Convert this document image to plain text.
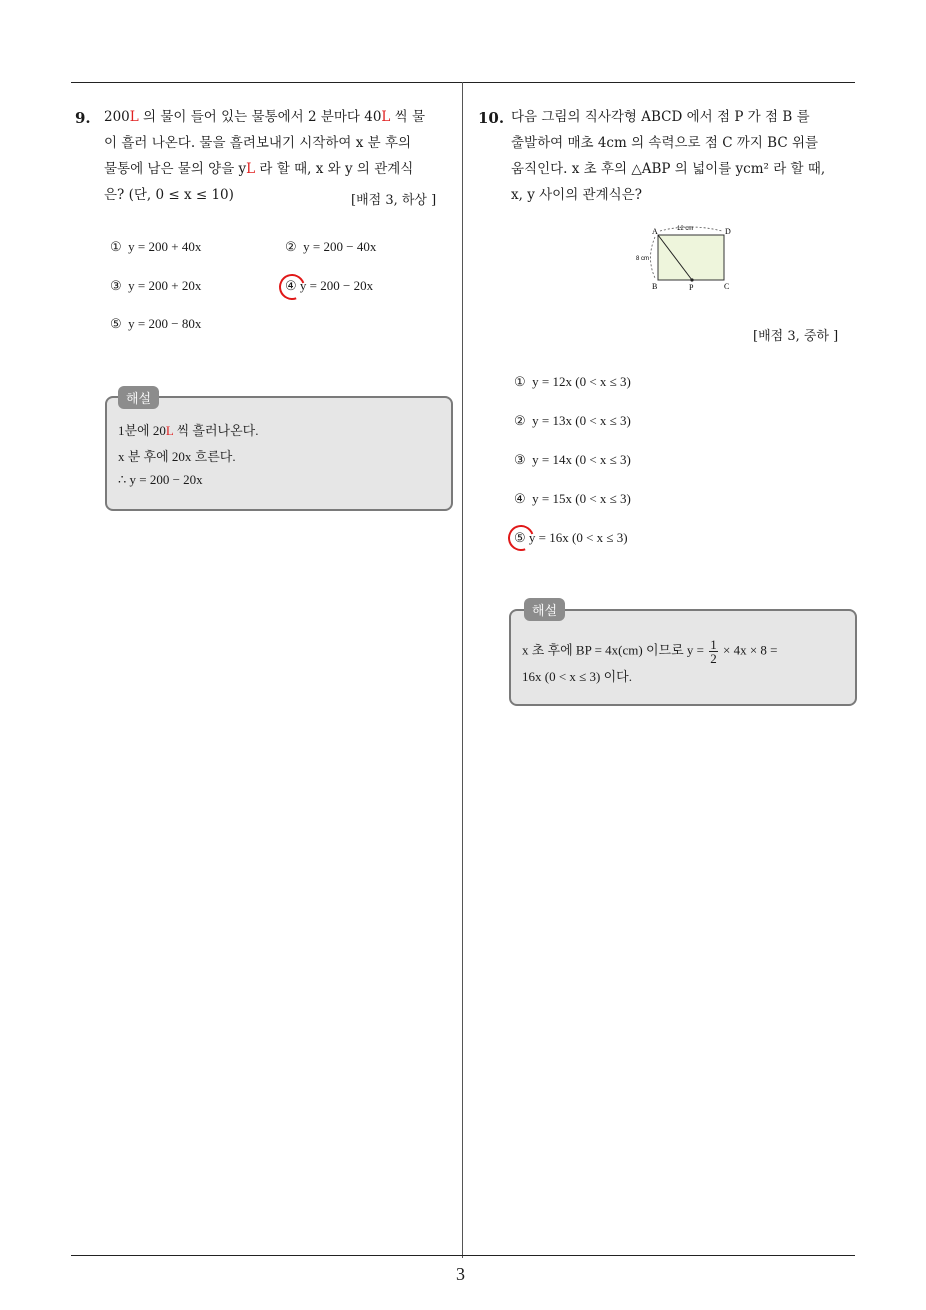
3
9. 200L 의 물이 들어 있는 물통에서 2 분마다 40L 씩 물
이 흘러 나온다. 물을 흘려보내기 시작하여 x 분 후의
물통에 남은 물의 양을 yL 라 할 때, x 와 y 의 관계식
은? (단, 0 ≤ x ≤ 10)	[배점 3, 하상 ]
① y = 200 + 40x	② y = 200 − 40x
③ y = 200 + 20x	④ y = 200 − 20x
⑤ y = 200 − 80x
해설
1분에 20L 씩 흘러나온다.
x 분 후에 20x 흐른다.
∴ y = 200 − 20x
10. 다음 그림의 직사각형 ABCD 에서 점 P 가 점 B 를
출발하여 매초 4cm 의 속력으로 점 C 까지 BC 위를
움직인다. x 초 후의 △ABP 의 넓이를 ycm² 라 할 때,
x, y 사이의 관계식은?
A	D
B	P	C
12 cm
8 cm
[배점 3, 중하 ]
① y = 12x (0 < x ≤ 3)
② y = 13x (0 < x ≤ 3)
③ y = 14x (0 < x ≤ 3)
④ y = 15x (0 < x ≤ 3)
⑤ y = 16x (0 < x ≤ 3)
해설
x 초 후에 BP = 4x(cm) 이므로 $y = \frac{1}{2} \times 4x \times 8$ =
16x (0 < x ≤ 3) 이다.
